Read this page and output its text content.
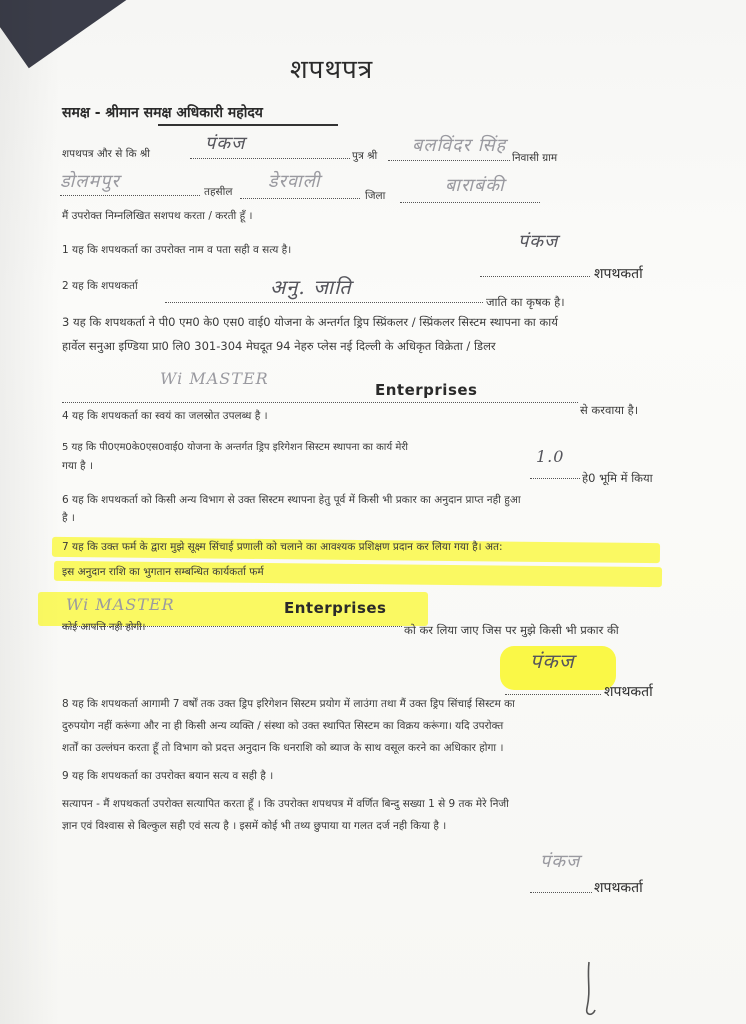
शपथपत्र
समक्ष - श्रीमान समक्ष अधिकारी महोदय
शपथपत्र और से कि श्री	पंकज
पुत्र श्री बलविंदर सिंह
निवासी ग्राम
डोलमपुर	तहसील डेरवाली
जिला	बाराबंकी
मैं उपरोक्त निम्नलिखित सशपथ करता / करती हूँ ।
1 यह कि शपथकर्ता का उपरोक्त नाम व पता सही व सत्य है।	पंकज
शपथकर्ता
2 यह कि शपथकर्ता	अनु. जाति
जाति का कृषक है।
3 यह कि शपथकर्ता ने पी0 एम0 के0 एस0 वाई0 योजना के अन्तर्गत ड्रिप स्प्रिंकलर / स्प्रिंकलर सिस्टम स्थापना का कार्य
हार्वेल सनुआ इण्डिया प्रा0 लि0 301-304 मेघदूत 94 नेहरु प्लेस नई दिल्ली के अधिकृत विक्रेता / डिलर
Wi MASTER
Enterprises
से करवाया है।
4 यह कि शपथकर्ता का स्वयं का जलस्रोत उपलब्ध है ।
5 यह कि पी0एम0के0एस0वाई0 योजना के अन्तर्गत ड्रिप इरिगेशन सिस्टम स्थापना का कार्य मेरी	1.0
हे0 भूमि में किया
गया है ।
6 यह कि शपथकर्ता को किसी अन्य विभाग से उक्त सिस्टम स्थापना हेतु पूर्व में किसी भी प्रकार का अनुदान प्राप्त नही हुआ
है ।
7 यह कि उक्त फर्म के द्वारा मुझे सूक्ष्म सिंचाई प्रणाली को चलाने का आवश्यक प्रशिक्षण प्रदान कर लिया गया है। अत:
इस अनुदान राशि का भुगतान सम्बन्धित कार्यकर्ता फर्म
Wi MASTER	Enterprises
को कर लिया जाए जिस पर मुझे किसी भी प्रकार की
कोई आपत्ति नही होगी।
पंकज
शपथकर्ता
8 यह कि शपथकर्ता आगामी 7 वर्षों तक उक्त ड्रिप इरिगेशन सिस्टम प्रयोग में लाउंगा तथा मैं उक्त ड्रिप सिंचाई सिस्टम का
दुरुपयोग नहीं करूंगा और ना ही किसी अन्य व्यक्ति / संस्था को उक्त स्थापित सिस्टम का विक्रय करूंगा। यदि उपरोक्त
शर्तों का उल्लंघन करता हूँ तो विभाग को प्रदत्त अनुदान कि धनराशि को ब्याज के साथ वसूल करने का अधिकार होगा ।
9 यह कि शपथकर्ता का उपरोक्त बयान सत्य व सही है ।
सत्यापन - मैं शपथकर्ता उपरोक्त सत्यापित करता हूँ । कि उपरोक्त शपथपत्र में वर्णित बिन्दु सख्या 1 से 9 तक मेरे निजी
ज्ञान एवं विश्वास से बिल्कुल सही एवं सत्य है । इसमें कोई भी तथ्य छुपाया या गलत दर्ज नही किया है ।
पंकज
शपथकर्ता
